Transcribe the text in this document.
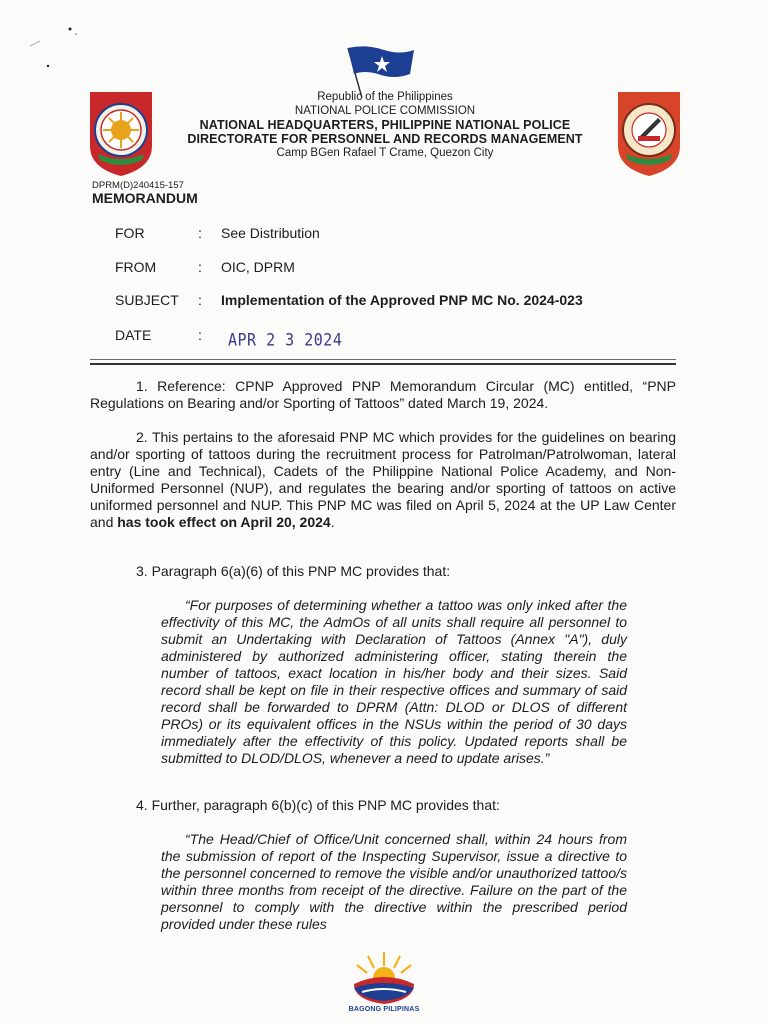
Republic of the Philippines
NATIONAL POLICE COMMISSION
NATIONAL HEADQUARTERS, PHILIPPINE NATIONAL POLICE
DIRECTORATE FOR PERSONNEL AND RECORDS MANAGEMENT
Camp BGen Rafael T Crame, Quezon City
DPRM(D)240415-157
MEMORANDUM
FOR	: See Distribution
FROM	: OIC, DPRM
SUBJECT : Implementation of the Approved PNP MC No. 2024-023
DATE	: APR 2 3 2024
1. Reference: CPNP Approved PNP Memorandum Circular (MC) entitled, “PNP Regulations on Bearing and/or Sporting of Tattoos” dated March 19, 2024.
2. This pertains to the aforesaid PNP MC which provides for the guidelines on bearing and/or sporting of tattoos during the recruitment process for Patrolman/Patrolwoman, lateral entry (Line and Technical), Cadets of the Philippine National Police Academy, and Non-Uniformed Personnel (NUP), and regulates the bearing and/or sporting of tattoos on active uniformed personnel and NUP. This PNP MC was filed on April 5, 2024 at the UP Law Center and has took effect on April 20, 2024.
3. Paragraph 6(a)(6) of this PNP MC provides that:
“For purposes of determining whether a tattoo was only inked after the effectivity of this MC, the AdmOs of all units shall require all personnel to submit an Undertaking with Declaration of Tattoos (Annex "A"), duly administered by authorized administering officer, stating therein the number of tattoos, exact location in his/her body and their sizes. Said record shall be kept on file in their respective offices and summary of said record shall be forwarded to DPRM (Attn: DLOD or DLOS of different PROs) or its equivalent offices in the NSUs within the period of 30 days immediately after the effectivity of this policy. Updated reports shall be submitted to DLOD/DLOS, whenever a need to update arises.”
4. Further, paragraph 6(b)(c) of this PNP MC provides that:
“The Head/Chief of Office/Unit concerned shall, within 24 hours from the submission of report of the Inspecting Supervisor, issue a directive to the personnel concerned to remove the visible and/or unauthorized tattoo/s within three months from receipt of the directive. Failure on the part of the personnel to comply with the directive within the prescribed period provided under these rules
BAGONG PILIPINAS
